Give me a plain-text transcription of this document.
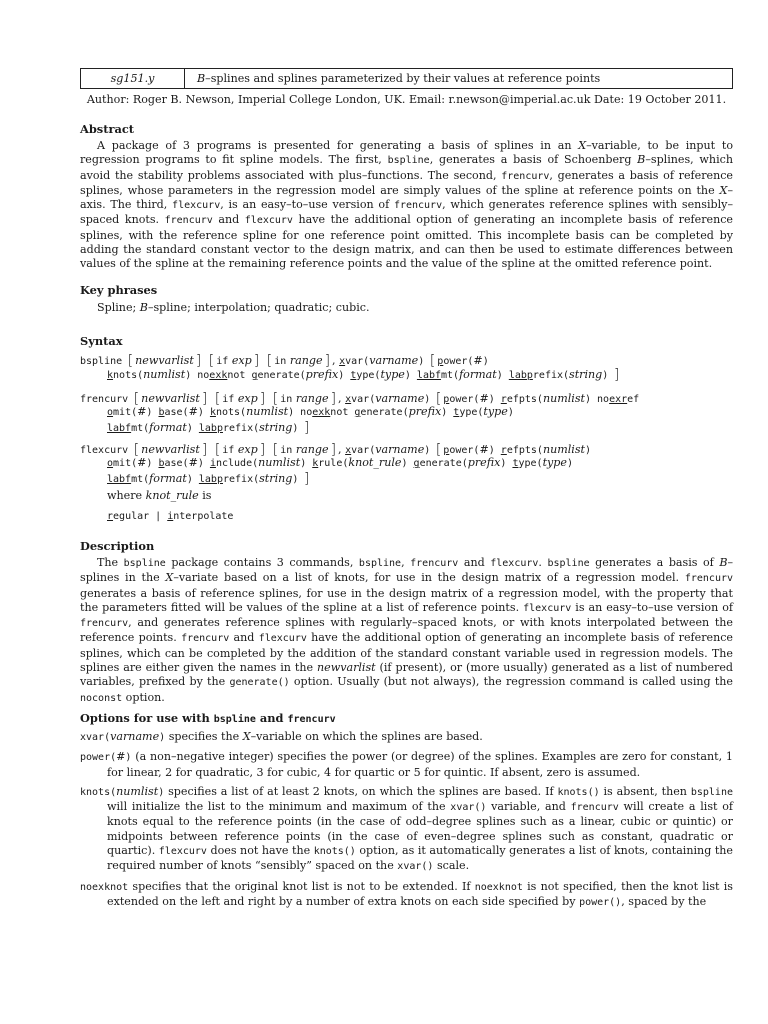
sg151.y	B–splines and splines parameterized by their values at reference points
Author: Roger B. Newson, Imperial College London, UK. Email: r.newson@imperial.ac.uk Date: 19 October 2011.
Abstract

A package of 3 programs is presented for generating a basis of splines in an X–variable, to be input to regression programs to fit spline models. The first, bspline, generates a basis of Schoenberg B–splines, which avoid the stability problems associated with plus–functions. The second, frencurv, generates a basis of reference splines, whose parameters in the regression model are simply values of the spline at reference points on the X–axis. The third, flexcurv, is an easy–to–use version of frencurv, which generates reference splines with sensibly–spaced knots. frencurv and flexcurv have the additional option of generating an incomplete basis of reference splines, with the reference spline for one reference point omitted. This incomplete basis can be completed by adding the standard constant vector to the design matrix, and can then be used to estimate differences between values of the spline at the remaining reference points and the value of the spline at the omitted reference point.

Key phrases

Spline; B–spline; interpolation; quadratic; cubic.

Syntax
bspline [ newvarlist ] [ if exp ] [ in range ] , xvar(varname) [ power(#)
knots(numlist) noexknot generate(prefix) type(type) labfmt(format) labprefix(string) ]
frencurv [ newvarlist ] [ if exp ] [ in range ] , xvar(varname) [ power(#) refpts(numlist) noexref
omit(#) base(#) knots(numlist) noexknot generate(prefix) type(type)
labfmt(format) labprefix(string) ]
flexcurv [ newvarlist ] [ if exp ] [ in range ] , xvar(varname) [ power(#) refpts(numlist)
omit(#) base(#) include(numlist) krule(knot_rule) generate(prefix) type(type)
labfmt(format) labprefix(string) ]
where knot_rule is
regular | interpolate
Description

The bspline package contains 3 commands, bspline, frencurv and flexcurv. bspline generates a basis of B–splines in the X–variate based on a list of knots, for use in the design matrix of a regression model. frencurv generates a basis of reference splines, for use in the design matrix of a regression model, with the property that the parameters fitted will be values of the spline at a list of reference points. flexcurv is an easy–to–use version of frencurv, and generates reference splines with regularly–spaced knots, or with knots interpolated between the reference points. frencurv and flexcurv have the additional option of generating an incomplete basis of reference splines, which can be completed by the addition of the standard constant variable used in regression models. The splines are either given the names in the newvarlist (if present), or (more usually) generated as a list of numbered variables, prefixed by the generate() option. Usually (but not always), the regression command is called using the noconst option.

Options for use with bspline and frencurv

xvar(varname) specifies the X–variable on which the splines are based.

power(#) (a non–negative integer) specifies the power (or degree) of the splines. Examples are zero for constant, 1 for linear, 2 for quadratic, 3 for cubic, 4 for quartic or 5 for quintic. If absent, zero is assumed.

knots(numlist) specifies a list of at least 2 knots, on which the splines are based. If knots() is absent, then bspline will initialize the list to the minimum and maximum of the xvar() variable, and frencurv will create a list of knots equal to the reference points (in the case of odd–degree splines such as a linear, cubic or quintic) or midpoints between reference points (in the case of even–degree splines such as constant, quadratic or quartic). flexcurv does not have the knots() option, as it automatically generates a list of knots, containing the required number of knots “sensibly” spaced on the xvar() scale.

noexknot specifies that the original knot list is not to be extended. If noexknot is not specified, then the knot list is extended on the left and right by a number of extra knots on each side specified by power(), spaced by the
